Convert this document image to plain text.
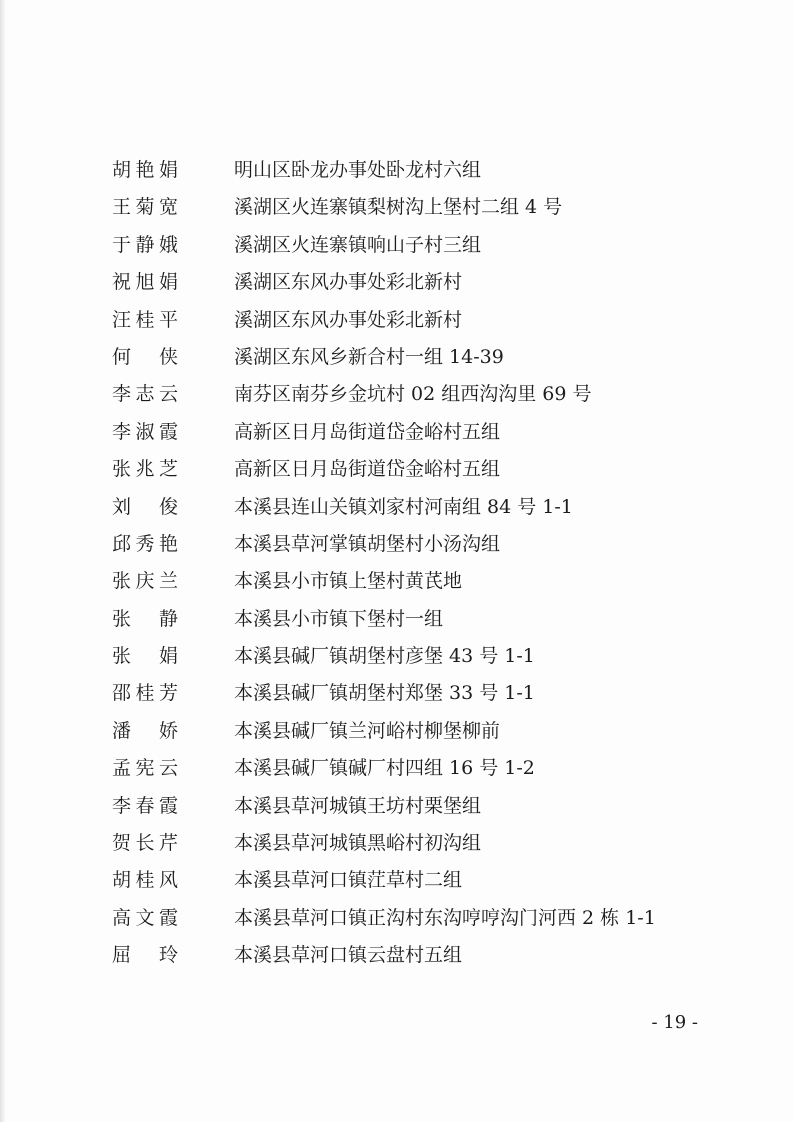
胡艳娟	明山区卧龙办事处卧龙村六组
王菊宽	溪湖区火连寨镇梨树沟上堡村二组 4 号
于静娥	溪湖区火连寨镇响山子村三组
祝旭娟	溪湖区东风办事处彩北新村
汪桂平	溪湖区东风办事处彩北新村
何 侠	溪湖区东风乡新合村一组 14-39
李志云	南芬区南芬乡金坑村 02 组西沟沟里 69 号
李淑霞	高新区日月岛街道岱金峪村五组
张兆芝	高新区日月岛街道岱金峪村五组
刘 俊	本溪县连山关镇刘家村河南组 84 号 1-1
邱秀艳	本溪县草河掌镇胡堡村小汤沟组
张庆兰	本溪县小市镇上堡村黄芪地
张 静	本溪县小市镇下堡村一组
张 娟	本溪县碱厂镇胡堡村彦堡 43 号 1-1
邵桂芳	本溪县碱厂镇胡堡村郑堡 33 号 1-1
潘 娇	本溪县碱厂镇兰河峪村柳堡柳前
孟宪云	本溪县碱厂镇碱厂村四组 16 号 1-2
李春霞	本溪县草河城镇王坊村栗堡组
贺长芹	本溪县草河城镇黑峪村初沟组
胡桂风	本溪县草河口镇茳草村二组
高文霞	本溪县草河口镇正沟村东沟哼哼沟门河西 2 栋 1-1
屈 玲	本溪县草河口镇云盘村五组
- 19 -
